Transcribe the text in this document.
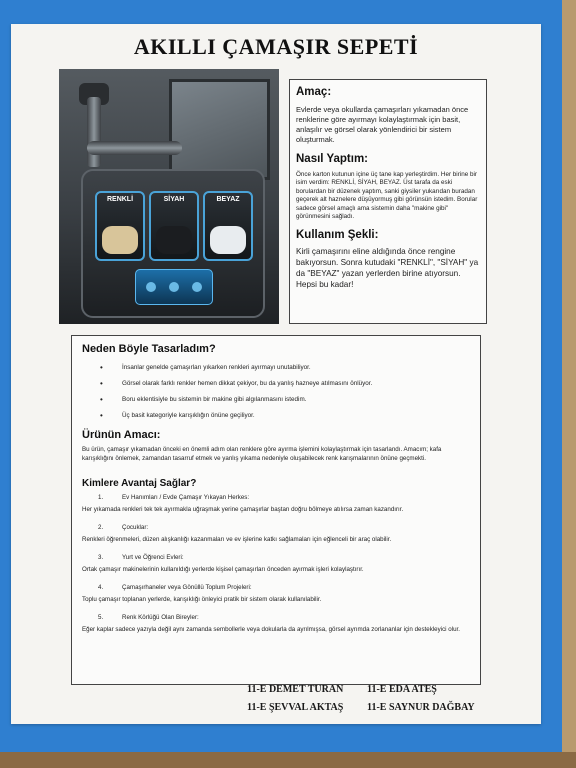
AKILLI ÇAMAŞIR SEPETİ
RENKLİ	SİYAH	BEYAZ
Amaç:
Evlerde veya okullarda çamaşırları yıkamadan önce renklerine göre ayırmayı kolaylaştırmak için basit, anlaşılır ve görsel olarak yönlendirici bir sistem oluşturmak.
Nasıl Yaptım:
Önce karton kutunun içine üç tane kap yerleştirdim. Her birine bir isim verdim: RENKLİ, SİYAH, BEYAZ. Üst tarafa da eski borulardan bir düzenek yaptım, sanki giysiler yukarıdan buradan geçerek alt haznelere düşüyormuş gibi görünsün istedim. Borular sadece görsel amaçlı ama sistemin daha "makine gibi" görünmesini sağladı.
Kullanım Şekli:
Kirli çamaşırını eline aldığında önce rengine bakıyorsun. Sonra kutudaki "RENKLİ", "SİYAH" ya da "BEYAZ" yazan yerlerden birine atıyorsun. Hepsi bu kadar!
Neden Böyle Tasarladım?
• İnsanlar genelde çamaşırları yıkarken renkleri ayırmayı unutabiliyor.
• Görsel olarak farklı renkler hemen dikkat çekiyor, bu da yanlış hazneye atılmasını önlüyor.
• Boru eklentisiyle bu sistemin bir makine gibi algılanmasını istedim.
• Üç basit kategoriyle karışıklığın önüne geçiliyor.
Ürünün Amacı:
Bu ürün, çamaşır yıkamadan önceki en önemli adım olan renklere göre ayırma işlemini kolaylaştırmak için tasarlandı. Amacım; kafa karışıklığını önlemek, zamandan tasarruf etmek ve yanlış yıkama nedeniyle oluşabilecek renk karışmalarının önüne geçmekti.
Kimlere Avantaj Sağlar?
1.	Ev Hanımları / Evde Çamaşır Yıkayan Herkes:
Her yıkamada renkleri tek tek ayırmakla uğraşmak yerine çamaşırlar baştan doğru bölmeye atılırsa zaman kazandırır.
2.	Çocuklar:
Renkleri öğrenmeleri, düzen alışkanlığı kazanmaları ve ev işlerine katkı sağlamaları için eğlenceli bir araç olabilir.
3.	Yurt ve Öğrenci Evleri:
Ortak çamaşır makinelerinin kullanıldığı yerlerde kişisel çamaşırları önceden ayırmak işleri kolaylaştırır.
4.	Çamaşırhaneler veya Gönüllü Toplum Projeleri:
Toplu çamaşır toplanan yerlerde, karışıklığı önleyici pratik bir sistem olarak kullanılabilir.
5.	Renk Körlüğü Olan Bireyler:
Eğer kaplar sadece yazıyla değil aynı zamanda sembollerle veya dokularla da ayrılmışsa, görsel ayrımda zorlananlar için destekleyici olur.
11-E DEMET TURAN 11-E EDA ATEŞ
11-E ŞEVVAL AKTAŞ 11-E SAYNUR DAĞBAY
